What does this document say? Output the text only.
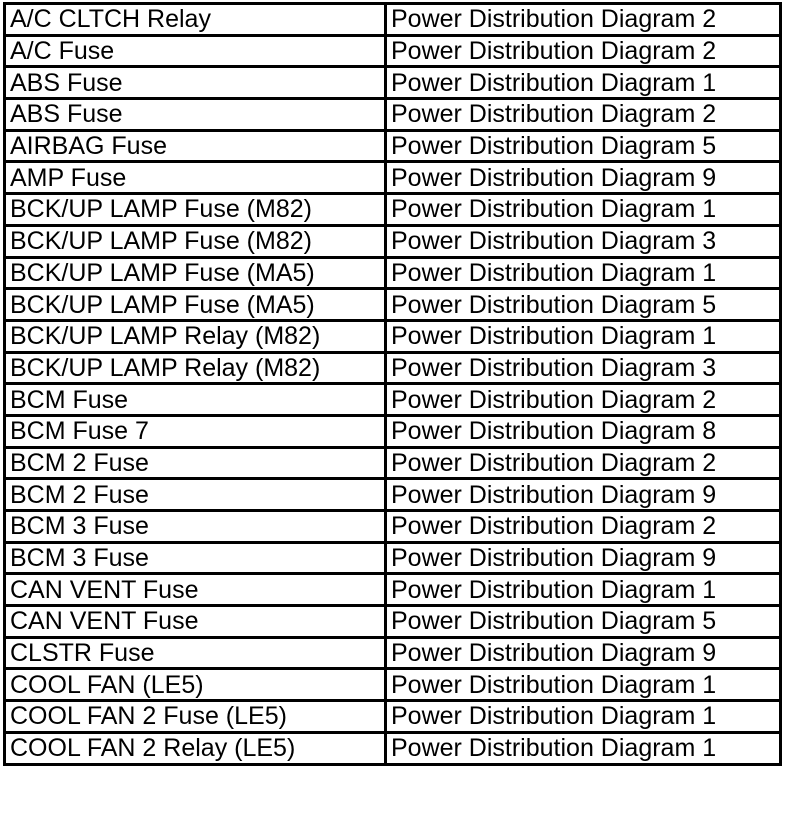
A/C CLTCH Relay	Power Distribution Diagram 2
A/C Fuse	Power Distribution Diagram 2
ABS Fuse	Power Distribution Diagram 1
ABS Fuse	Power Distribution Diagram 2
AIRBAG Fuse	Power Distribution Diagram 5
AMP Fuse	Power Distribution Diagram 9
BCK/UP LAMP Fuse (M82)	Power Distribution Diagram 1
BCK/UP LAMP Fuse (M82)	Power Distribution Diagram 3
BCK/UP LAMP Fuse (MA5)	Power Distribution Diagram 1
BCK/UP LAMP Fuse (MA5)	Power Distribution Diagram 5
BCK/UP LAMP Relay (M82)	Power Distribution Diagram 1
BCK/UP LAMP Relay (M82)	Power Distribution Diagram 3
BCM Fuse	Power Distribution Diagram 2
BCM Fuse 7	Power Distribution Diagram 8
BCM 2 Fuse	Power Distribution Diagram 2
BCM 2 Fuse	Power Distribution Diagram 9
BCM 3 Fuse	Power Distribution Diagram 2
BCM 3 Fuse	Power Distribution Diagram 9
CAN VENT Fuse	Power Distribution Diagram 1
CAN VENT Fuse	Power Distribution Diagram 5
CLSTR Fuse	Power Distribution Diagram 9
COOL FAN (LE5)	Power Distribution Diagram 1
COOL FAN 2 Fuse (LE5)	Power Distribution Diagram 1
COOL FAN 2 Relay (LE5)	Power Distribution Diagram 1
